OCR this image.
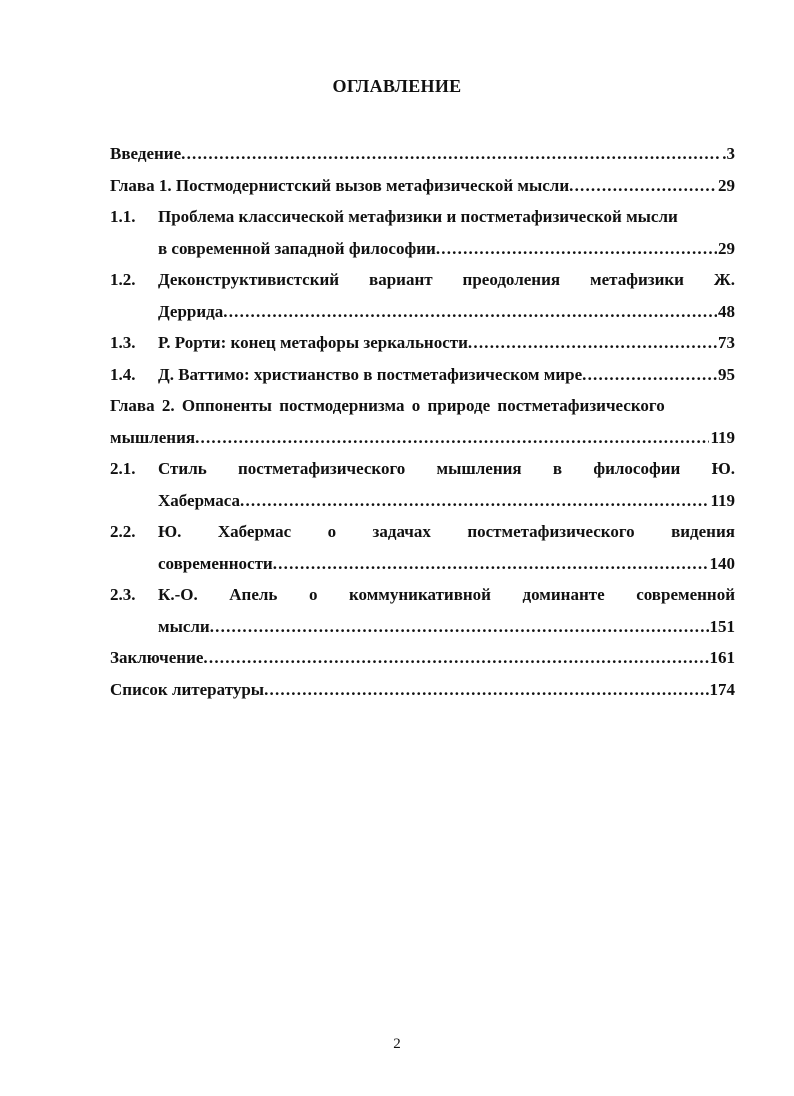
ОГЛАВЛЕНИЕ
Введение .....	.3
Глава 1. Постмодернистский вызов метафизической мысли .....	29
1.1.	Проблема классической метафизики и постметафизической мысли
в современной западной философии .....	29
1.2.	Деконструктивистский вариант преодоления метафизики Ж.
Деррида .....	48
1.3.	Р. Рорти: конец метафоры зеркальности .....	73
1.4.	Д. Ваттимо: христианство в постметафизическом мире .....	95
Глава 2. Оппоненты постмодернизма о природе постметафизического
мышления .....	119
2.1.	Стиль постметафизического мышления в философии Ю.
Хабермаса .....	119
2.2.	Ю. Хабермас о задачах постметафизического видения
современности .....	140
2.3.	К.-О. Апель о коммуникативной доминанте современной
мысли .....	151
Заключение .....	161
Список литературы .....	.174
2
